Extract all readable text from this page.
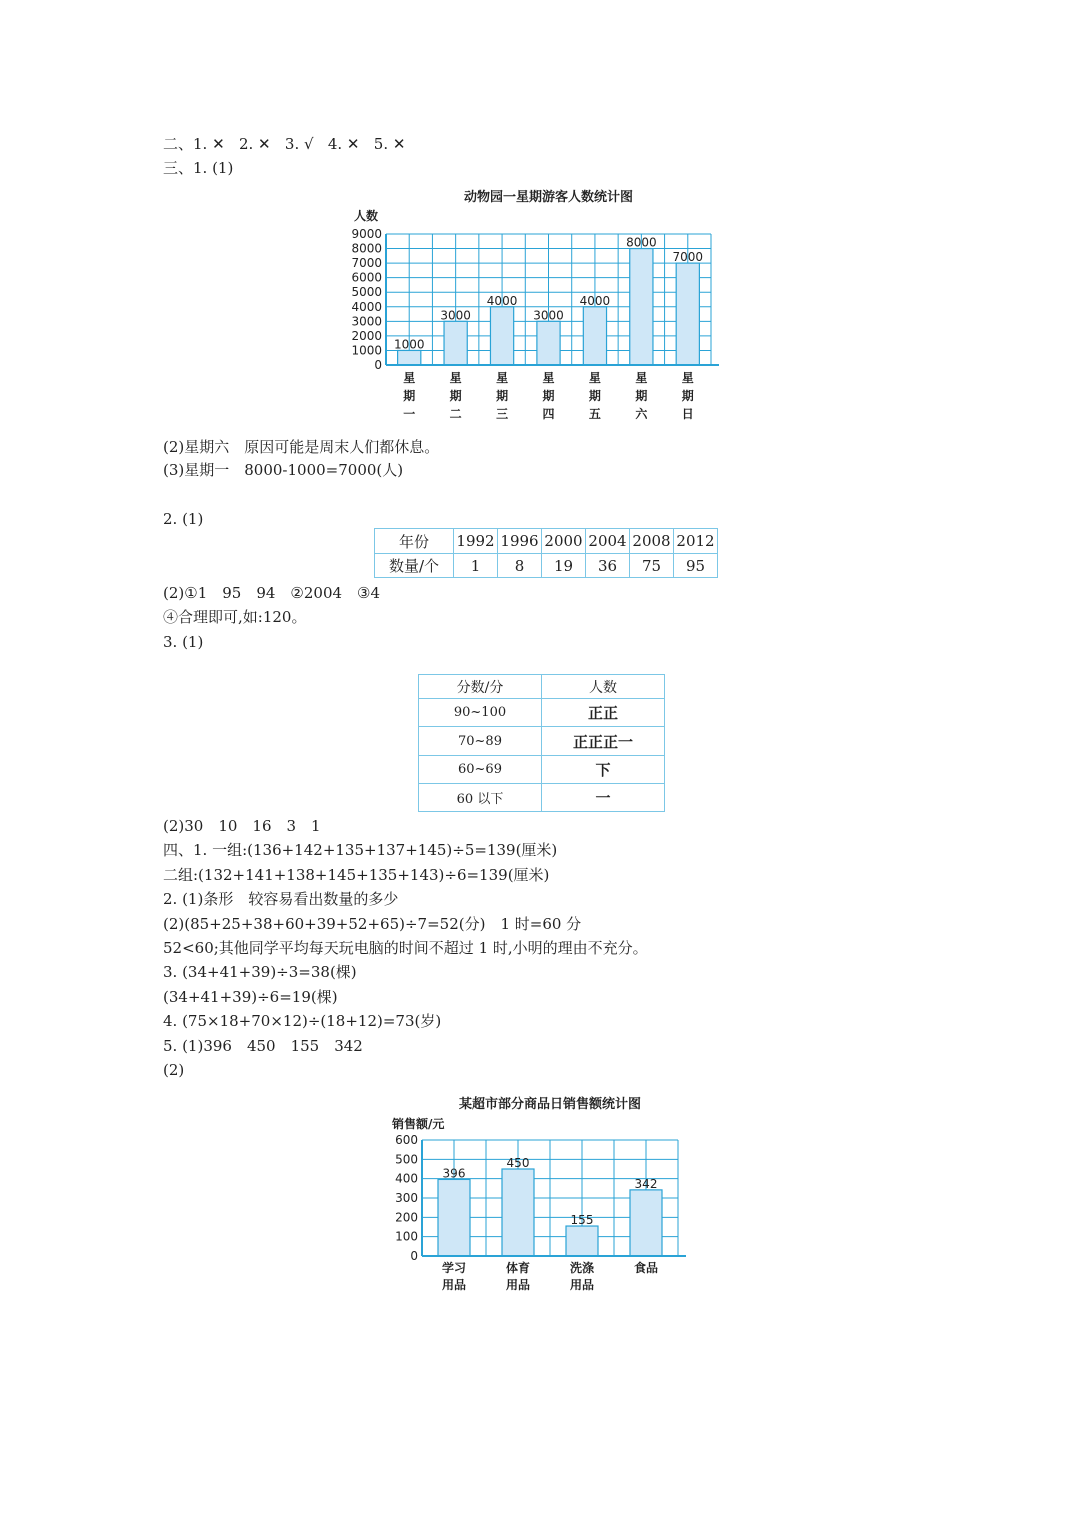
二、1. ✕   2. ✕   3. √   4. ✕   5. ✕
三、1. (1)
动物园一星期游客人数统计图
人数
0
1000
2000
3000
4000
5000
6000
7000
8000
9000
1000
3000
4000
3000
4000
8000
7000
星
期
一
星
期
二
星
期
三
星
期
四
星
期
五
星
期
六
星
期
日
(2)星期六　原因可能是周末人们都休息。
(3)星期一　8000-1000=7000(人)
2. (1)
年份	1992	1996	2000	2004	2008	2012
数量/个	1	8	19	36	75	95
(2)①1　95　94　②2004　③4
④合理即可,如:120。
3. (1)
分数/分	人数
90~100	正正
70~89	正正正一
60~69	下
60 以下	一
(2)30　10　16　3　1
四、1. 一组:(136+142+135+137+145)÷5=139(厘米)
二组:(132+141+138+145+135+143)÷6=139(厘米)
2. (1)条形　较容易看出数量的多少
(2)(85+25+38+60+39+52+65)÷7=52(分)　1 时=60 分
52<60;其他同学平均每天玩电脑的时间不超过 1 时,小明的理由不充分。
3. (34+41+39)÷3=38(棵)
(34+41+39)÷6=19(棵)
4. (75×18+70×12)÷(18+12)=73(岁)
5. (1)396　450　155　342
(2)
某超市部分商品日销售额统计图
销售额/元
0
100
200
300
400
500
600
396
450
155
342
学习
用品
体育
用品
洗涤
用品
食品
